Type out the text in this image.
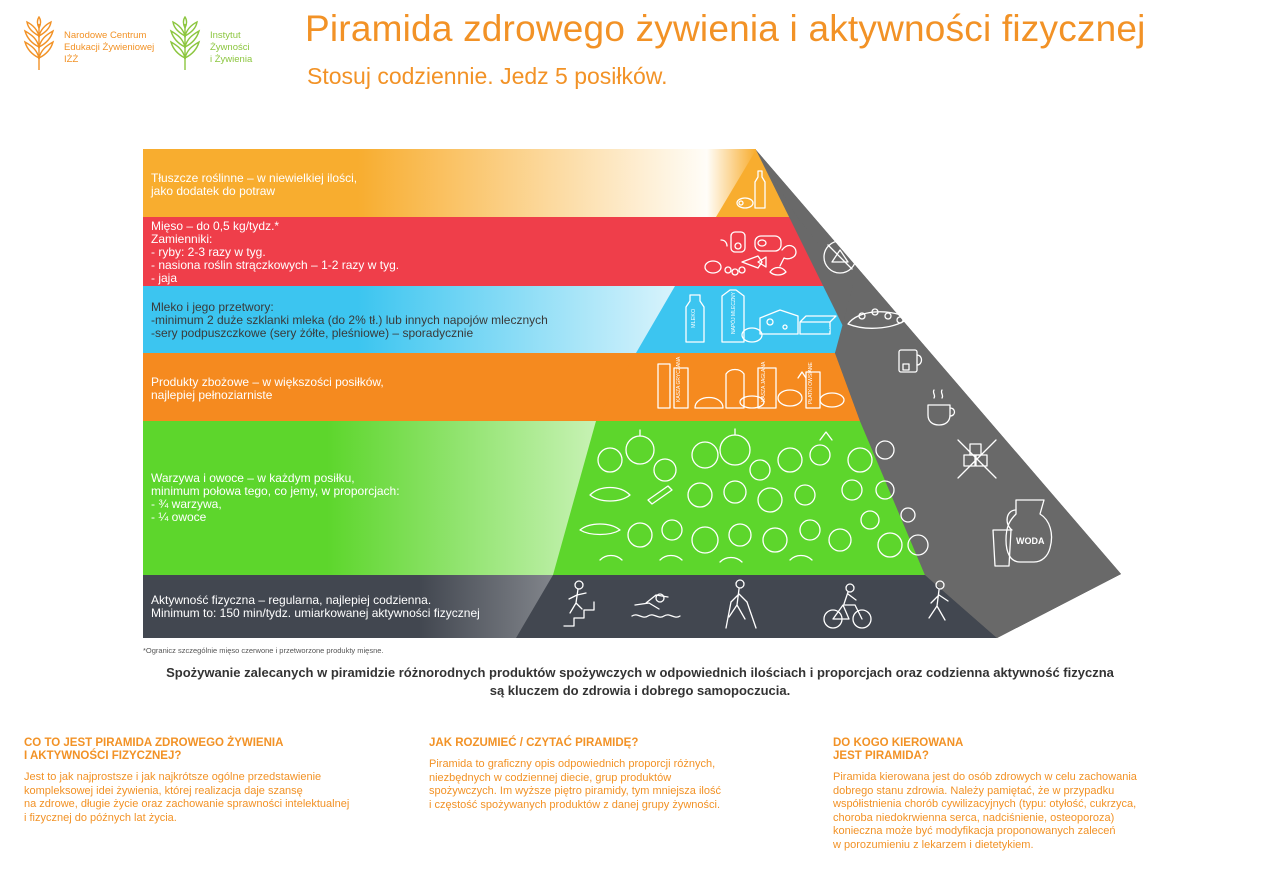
Narodowe Centrum
Edukacji Żywieniowej
IŻŻ
Instytut
Żywności
i Żywienia
Piramida zdrowego żywienia i aktywności fizycznej
Stosuj codziennie. Jedz 5 posiłków.
MLEKO	NAPÓJ MLECZNY	TWARÓG
KASZA GRYCZANA	KASZA JAGLANA	PŁATKI OWSIANE
WODA
Tłuszcze roślinne – w niewielkiej ilości,
jako dodatek do potraw
Mięso – do 0,5 kg/tydz.*
Zamienniki:
- ryby: 2-3 razy w tyg.
- nasiona roślin strączkowych – 1-2 razy w tyg.
- jaja
Mleko i jego przetwory:
-minimum 2 duże szklanki mleka (do 2% tł.) lub innych napojów mlecznych
-sery podpuszczkowe (sery żółte, pleśniowe) – sporadycznie
Produkty zbożowe – w większości posiłków,
najlepiej pełnoziarniste
Warzywa i owoce – w każdym posiłku,
minimum połowa tego, co jemy, w proporcjach:
- ¾ warzywa,
- ¼ owoce
Aktywność fizyczna – regularna, najlepiej codzienna.
Minimum to: 150 min/tydz. umiarkowanej aktywności fizycznej
*Ogranicz szczególnie mięso czerwone i przetworzone produkty mięsne.
Spożywanie zalecanych w piramidzie różnorodnych produktów spożywczych w odpowiednich ilościach i proporcjach oraz codzienna aktywność fizyczna
są kluczem do zdrowia i dobrego samopoczucia.
CO TO JEST PIRAMIDA ZDROWEGO ŻYWIENIA
I AKTYWNOŚCI FIZYCZNEJ?

Jest to jak najprostsze i jak najkrótsze ogólne przedstawienie
kompleksowej idei żywienia, której realizacja daje szansę
na zdrowe, długie życie oraz zachowanie sprawności intelektualnej
i fizycznej do późnych lat życia.

JAK ROZUMIEĆ / CZYTAĆ PIRAMIDĘ?

Piramida to graficzny opis odpowiednich proporcji różnych,
niezbędnych w codziennej diecie, grup produktów
spożywczych. Im wyższe piętro piramidy, tym mniejsza ilość
i częstość spożywanych produktów z danej grupy żywności.

DO KOGO KIEROWANA
JEST PIRAMIDA?

Piramida kierowana jest do osób zdrowych w celu zachowania
dobrego stanu zdrowia. Należy pamiętać, że w przypadku
współistnienia chorób cywilizacyjnych (typu: otyłość, cukrzyca,
choroba niedokrwienna serca, nadciśnienie, osteoporoza)
konieczna może być modyfikacja proponowanych zaleceń
w porozumieniu z lekarzem i dietetykiem.
